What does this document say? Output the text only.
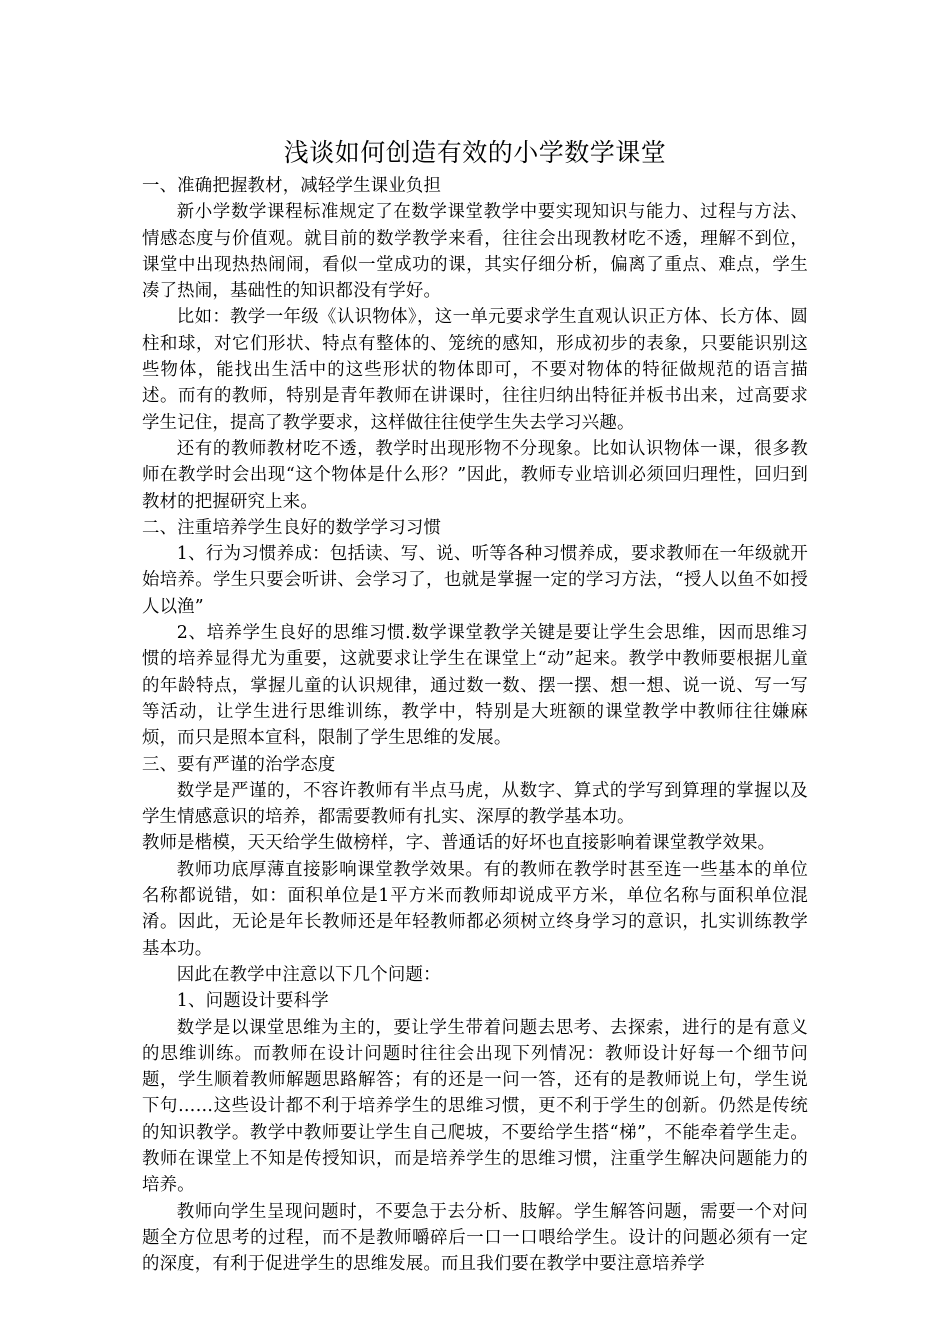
浅谈如何创造有效的小学数学课堂

一、准确把握教材，减轻学生课业负担

新小学数学课程标准规定了在数学课堂教学中要实现知识与能力、过程与方法、情感态度与价值观。就目前的数学教学来看，往往会出现教材吃不透，理解不到位，课堂中出现热热闹闹，看似一堂成功的课，其实仔细分析，偏离了重点、难点，学生凑了热闹，基础性的知识都没有学好。

比如：教学一年级《认识物体》，这一单元要求学生直观认识正方体、长方体、圆柱和球，对它们形状、特点有整体的、笼统的感知，形成初步的表象，只要能识别这些物体，能找出生活中的这些形状的物体即可，不要对物体的特征做规范的语言描述。而有的教师，特别是青年教师在讲课时，往往归纳出特征并板书出来，过高要求学生记住，提高了教学要求，这样做往往使学生失去学习兴趣。

还有的教师教材吃不透，教学时出现形物不分现象。比如认识物体一课，很多教师在教学时会出现“这个物体是什么形？”因此，教师专业培训必须回归理性，回归到教材的把握研究上来。

二、注重培养学生良好的数学学习习惯

1、行为习惯养成：包括读、写、说、听等各种习惯养成，要求教师在一年级就开始培养。学生只要会听讲、会学习了，也就是掌握一定的学习方法，“授人以鱼不如授人以渔”

2、培养学生良好的思维习惯.数学课堂教学关键是要让学生会思维，因而思维习惯的培养显得尤为重要，这就要求让学生在课堂上“动”起来。教学中教师要根据儿童的年龄特点，掌握儿童的认识规律，通过数一数、摆一摆、想一想、说一说、写一写等活动，让学生进行思维训练，教学中，特别是大班额的课堂教学中教师往往嫌麻烦，而只是照本宣科，限制了学生思维的发展。

三、要有严谨的治学态度

数学是严谨的，不容许教师有半点马虎，从数字、算式的学写到算理的掌握以及学生情感意识的培养，都需要教师有扎实、深厚的教学基本功。

教师是楷模，天天给学生做榜样，字、普通话的好坏也直接影响着课堂教学效果。

教师功底厚薄直接影响课堂教学效果。有的教师在教学时甚至连一些基本的单位名称都说错，如：面积单位是1平方米而教师却说成平方米，单位名称与面积单位混淆。因此，无论是年长教师还是年轻教师都必须树立终身学习的意识，扎实训练教学基本功。

因此在教学中注意以下几个问题：

1、问题设计要科学

数学是以课堂思维为主的，要让学生带着问题去思考、去探索，进行的是有意义的思维训练。而教师在设计问题时往往会出现下列情况：教师设计好每一个细节问题，学生顺着教师解题思路解答；有的还是一问一答，还有的是教师说上句，学生说下句……这些设计都不利于培养学生的思维习惯，更不利于学生的创新。仍然是传统的知识教学。教学中教师要让学生自己爬坡，不要给学生搭“梯”，不能牵着学生走。教师在课堂上不知是传授知识，而是培养学生的思维习惯，注重学生解决问题能力的培养。

教师向学生呈现问题时，不要急于去分析、肢解。学生解答问题，需要一个对问题全方位思考的过程，而不是教师嚼碎后一口一口喂给学生。设计的问题必须有一定的深度，有利于促进学生的思维发展。而且我们要在教学中要注意培养学
